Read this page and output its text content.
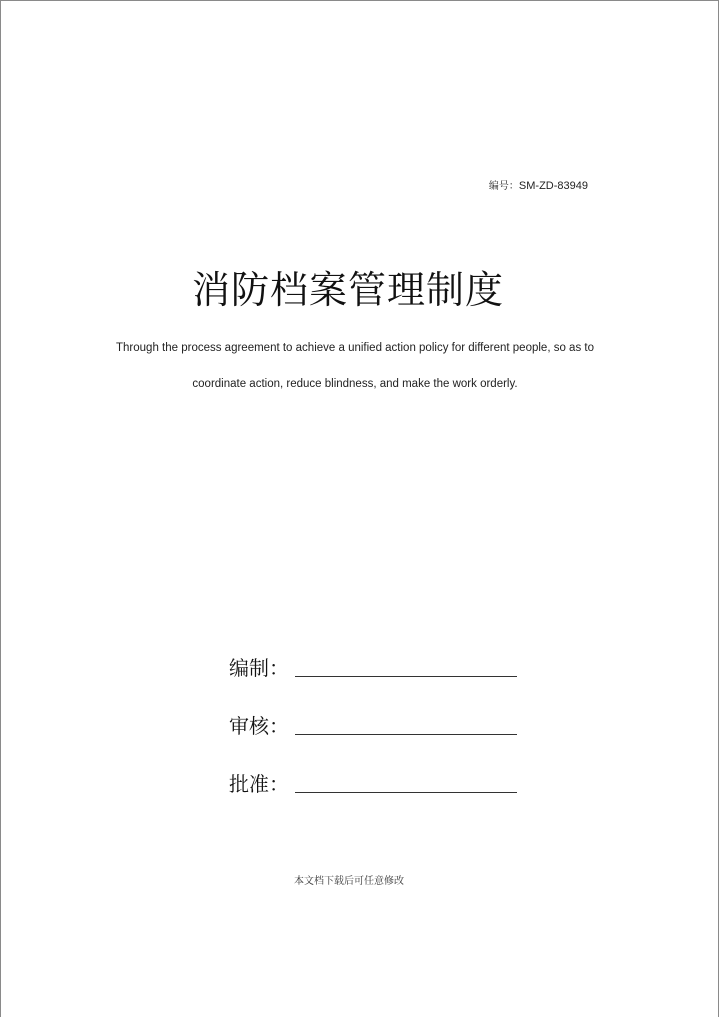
编号：SM-ZD-83949
消防档案管理制度
Through the process agreement to achieve a unified action policy for different people, so as to
coordinate action, reduce blindness, and make the work orderly.
编制：
审核：
批准：
本文档下载后可任意修改
